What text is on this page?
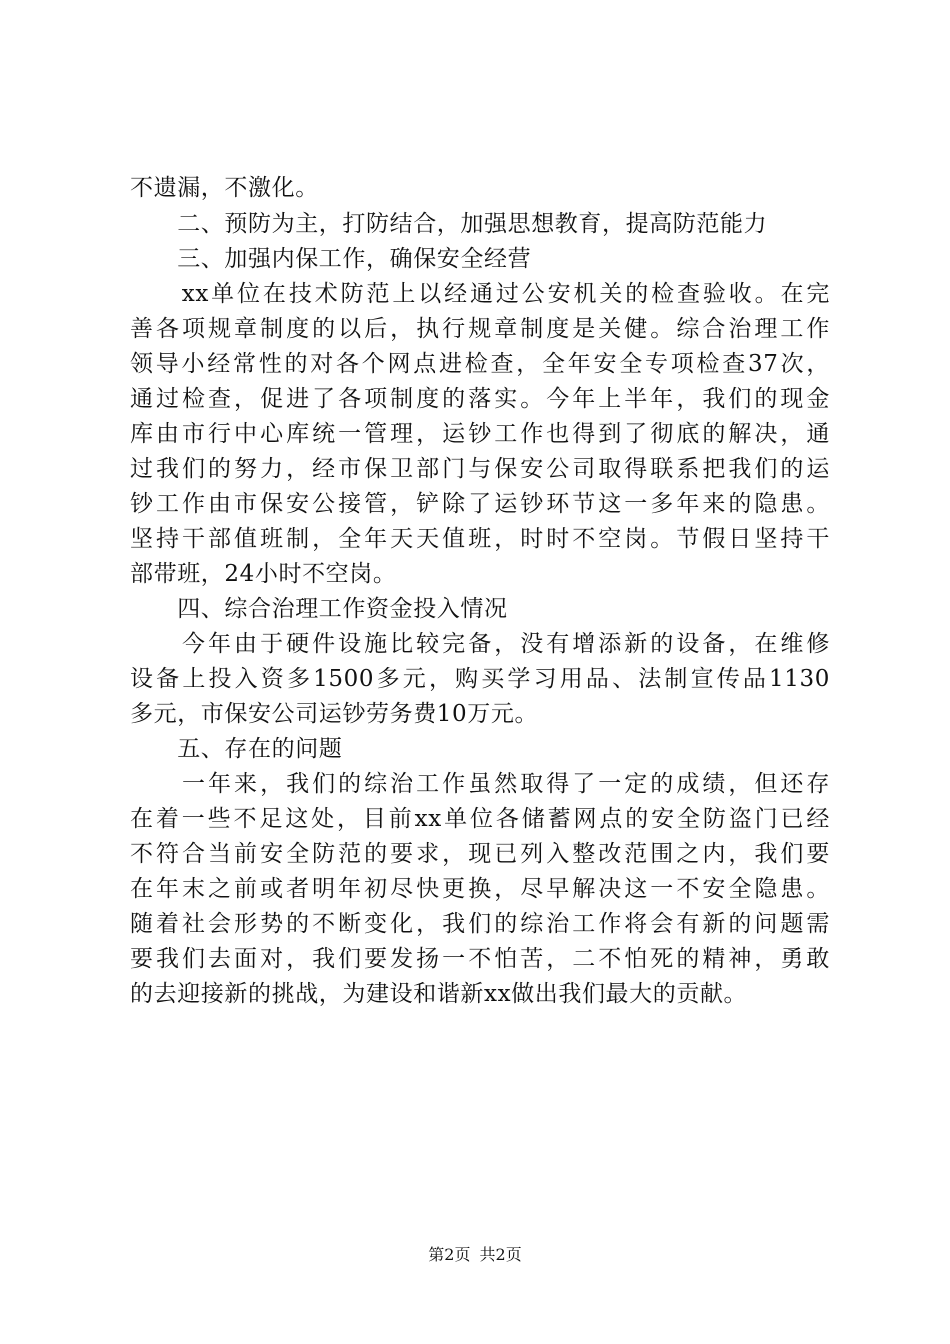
不遗漏，不激化。
　　二、预防为主，打防结合，加强思想教育，提高防范能力
　　三、加强内保工作，确保安全经营
　　xx单位在技术防范上以经通过公安机关的检查验收。在完
善各项规章制度的以后，执行规章制度是关健。综合治理工作
领导小经常性的对各个网点进检查，全年安全专项检查37次，
通过检查，促进了各项制度的落实。今年上半年，我们的现金
库由市行中心库统一管理，运钞工作也得到了彻底的解决，通
过我们的努力，经市保卫部门与保安公司取得联系把我们的运
钞工作由市保安公接管，铲除了运钞环节这一多年来的隐患。
坚持干部值班制，全年天天值班，时时不空岗。节假日坚持干
部带班，24小时不空岗。
　　四、综合治理工作资金投入情况
　　今年由于硬件设施比较完备，没有增添新的设备，在维修
设备上投入资多1500多元，购买学习用品、法制宣传品1130
多元，市保安公司运钞劳务费10万元。
　　五、存在的问题
　　一年来，我们的综治工作虽然取得了一定的成绩，但还存
在着一些不足这处，目前xx单位各储蓄网点的安全防盗门已经
不符合当前安全防范的要求，现已列入整改范围之内，我们要
在年末之前或者明年初尽快更换，尽早解决这一不安全隐患。
随着社会形势的不断变化，我们的综治工作将会有新的问题需
要我们去面对，我们要发扬一不怕苦，二不怕死的精神，勇敢
的去迎接新的挑战，为建设和谐新xx做出我们最大的贡献。
第2页 共2页
